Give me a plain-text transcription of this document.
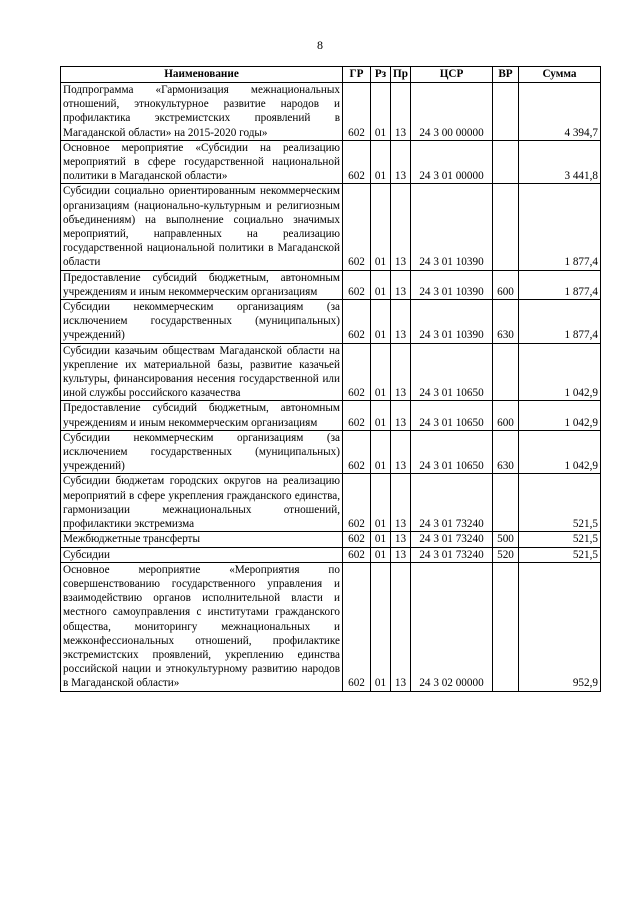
8
Наименование	ГР	Рз	Пр	ЦСР	ВР	Сумма
Подпрограмма «Гармонизация межнациональных отношений, этнокультурное развитие народов и профилактика экстремистских проявлений в Магаданской области» на 2015-2020 годы»	602	01	13	24 3 00 00000		4 394,7
Основное мероприятие «Субсидии на реализацию мероприятий в сфере государственной национальной политики в Магаданской области»	602	01	13	24 3 01 00000		3 441,8
Субсидии социально ориентированным некоммерческим организациям (национально-культурным и религиозным объединениям) на выполнение социально значимых мероприятий, направленных на реализацию государственной национальной политики в Магаданской области	602	01	13	24 3 01 10390		1 877,4
Предоставление субсидий бюджетным, автономным учреждениям и иным некоммерческим организациям	602	01	13	24 3 01 10390	600	1 877,4
Субсидии некоммерческим организациям (за исключением государственных (муниципальных) учреждений)	602	01	13	24 3 01 10390	630	1 877,4
Субсидии казачьим обществам Магаданской области на укрепление их материальной базы, развитие казачьей культуры, финансирования несения государственной или иной службы российского казачества	602	01	13	24 3 01 10650		1 042,9
Предоставление субсидий бюджетным, автономным учреждениям и иным некоммерческим организациям	602	01	13	24 3 01 10650	600	1 042,9
Субсидии некоммерческим организациям (за исключением государственных (муниципальных) учреждений)	602	01	13	24 3 01 10650	630	1 042,9
Субсидии бюджетам городских округов на реализацию мероприятий в сфере укрепления гражданского единства, гармонизации межнациональных отношений, профилактики экстремизма	602	01	13	24 3 01 73240		521,5
Межбюджетные трансферты	602	01	13	24 3 01 73240	500	521,5
Субсидии	602	01	13	24 3 01 73240	520	521,5
Основное мероприятие «Мероприятия по совершенствованию государственного управления и взаимодействию органов исполнительной власти и местного самоуправления с институтами гражданского общества, мониторингу межнациональных и межконфессиональных отношений, профилактике экстремистских проявлений, укреплению единства российской нации и этнокультурному развитию народов в Магаданской области»	602	01	13	24 3 02 00000		952,9
